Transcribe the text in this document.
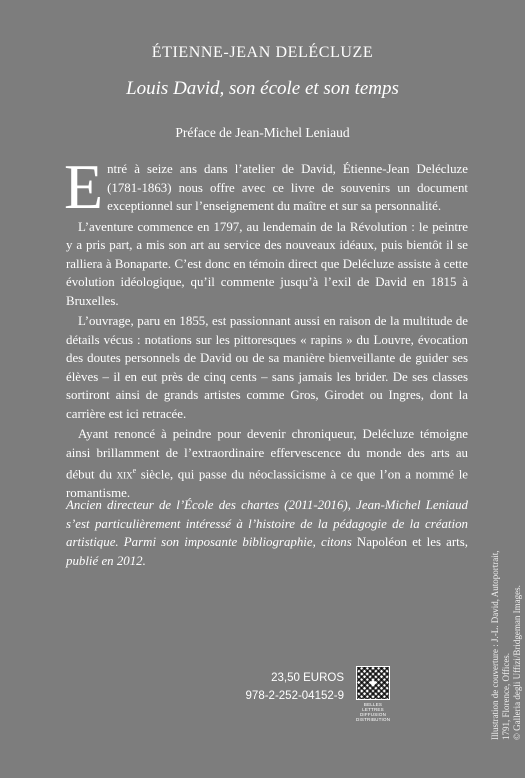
ÉTIENNE-JEAN DELÉCLUZE
Louis David, son école et son temps
Préface de Jean-Michel Leniaud

Entré à seize ans dans l’atelier de David, Étienne-Jean Delécluze (1781-1863) nous offre avec ce livre de souvenirs un document exceptionnel sur l’enseignement du maître et sur sa personnalité.

L’aventure commence en 1797, au lendemain de la Révolution : le peintre y a pris part, a mis son art au service des nouveaux idéaux, puis bientôt il se ralliera à Bonaparte. C’est donc en témoin direct que Delécluze assiste à cette évolution idéologique, qu’il commente jusqu’à l’exil de David en 1815 à Bruxelles.

L’ouvrage, paru en 1855, est passionnant aussi en raison de la multitude de détails vécus : notations sur les pittoresques « rapins » du Louvre, évocation des doutes personnels de David ou de sa manière bienveillante de guider ses élèves – il en eut près de cinq cents – sans jamais les brider. De ses classes sortiront ainsi de grands artistes comme Gros, Girodet ou Ingres, dont la carrière est ici retracée.

Ayant renoncé à peindre pour devenir chroniqueur, Delécluze témoigne ainsi brillamment de l’extraordinaire effervescence du monde des arts au début du xix$^e$ siècle, qui passe du néoclassicisme à ce que l’on a nommé le romantisme.

Ancien directeur de l’École des chartes (2011-2016), Jean-Michel Leniaud s’est particulièrement intéressé à l’histoire de la pédagogie de la création artistique. Parmi son imposante bibliographie, citons Napoléon et les arts, publié en 2012.	Illustration de couverture : J.-L. David, Autoportrait, 1791, Florence, Offices. © Galleria degli Uffizi/Bridgeman Images.
23,50 EUROS
978-2-252-04152-9
BELLES LETTRES DIFFUSION DISTRIBUTION
